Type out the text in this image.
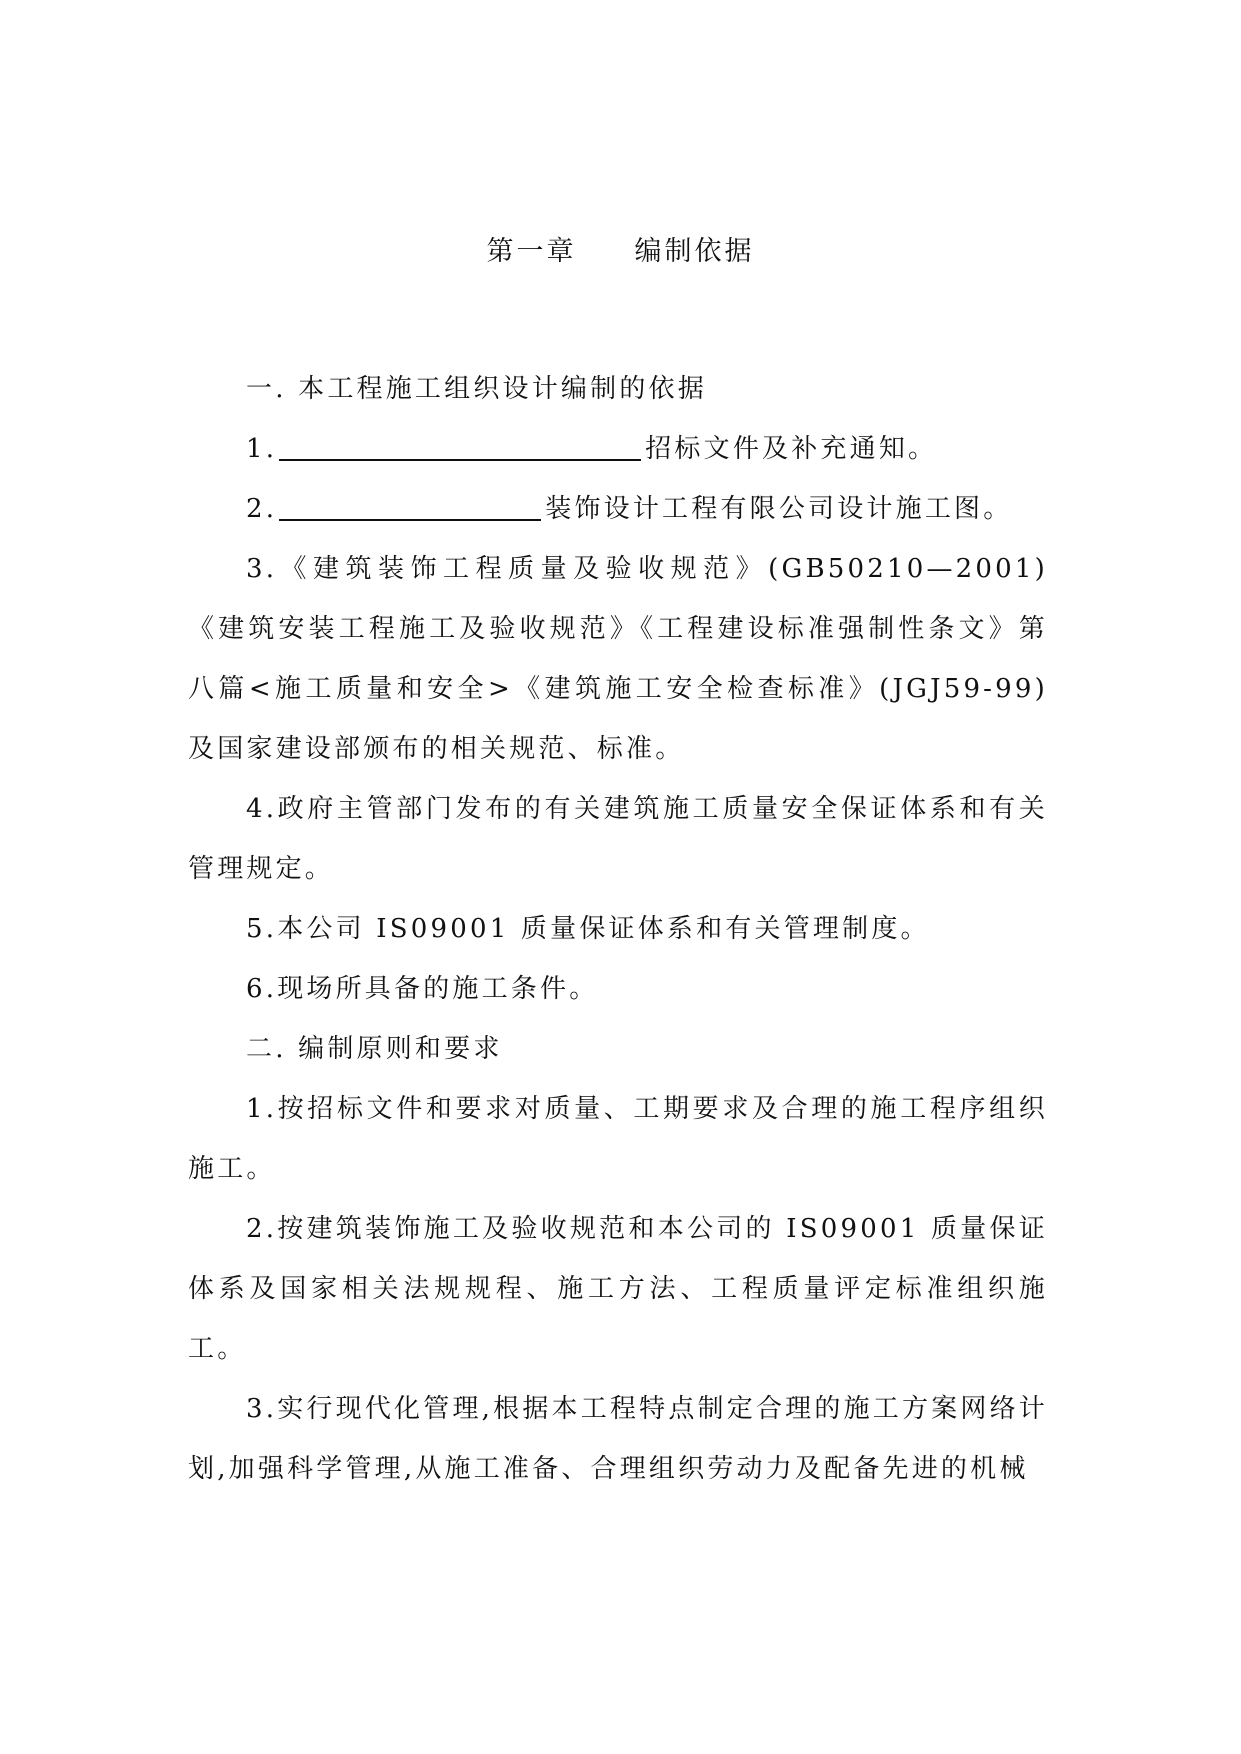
第一章     编制依据

一. 本工程施工组织设计编制的依据

1.	招标文件及补充通知。

2.	装饰设计工程有限公司设计施工图。

3.《建筑装饰工程质量及验收规范》(GB50210—2001)《建筑安装工程施工及验收规范》《工程建设标准强制性条文》第八篇<施工质量和安全>《建筑施工安全检查标准》(JGJ59-99)及国家建设部颁布的相关规范、标准。

4.政府主管部门发布的有关建筑施工质量安全保证体系和有关管理规定。

5.本公司 IS09001 质量保证体系和有关管理制度。

6.现场所具备的施工条件。

二. 编制原则和要求

1.按招标文件和要求对质量、工期要求及合理的施工程序组织施工。

2.按建筑装饰施工及验收规范和本公司的 IS09001 质量保证体系及国家相关法规规程、施工方法、工程质量评定标准组织施工。

3.实行现代化管理,根据本工程特点制定合理的施工方案网络计划,加强科学管理,从施工准备、合理组织劳动力及配备先进的机械
